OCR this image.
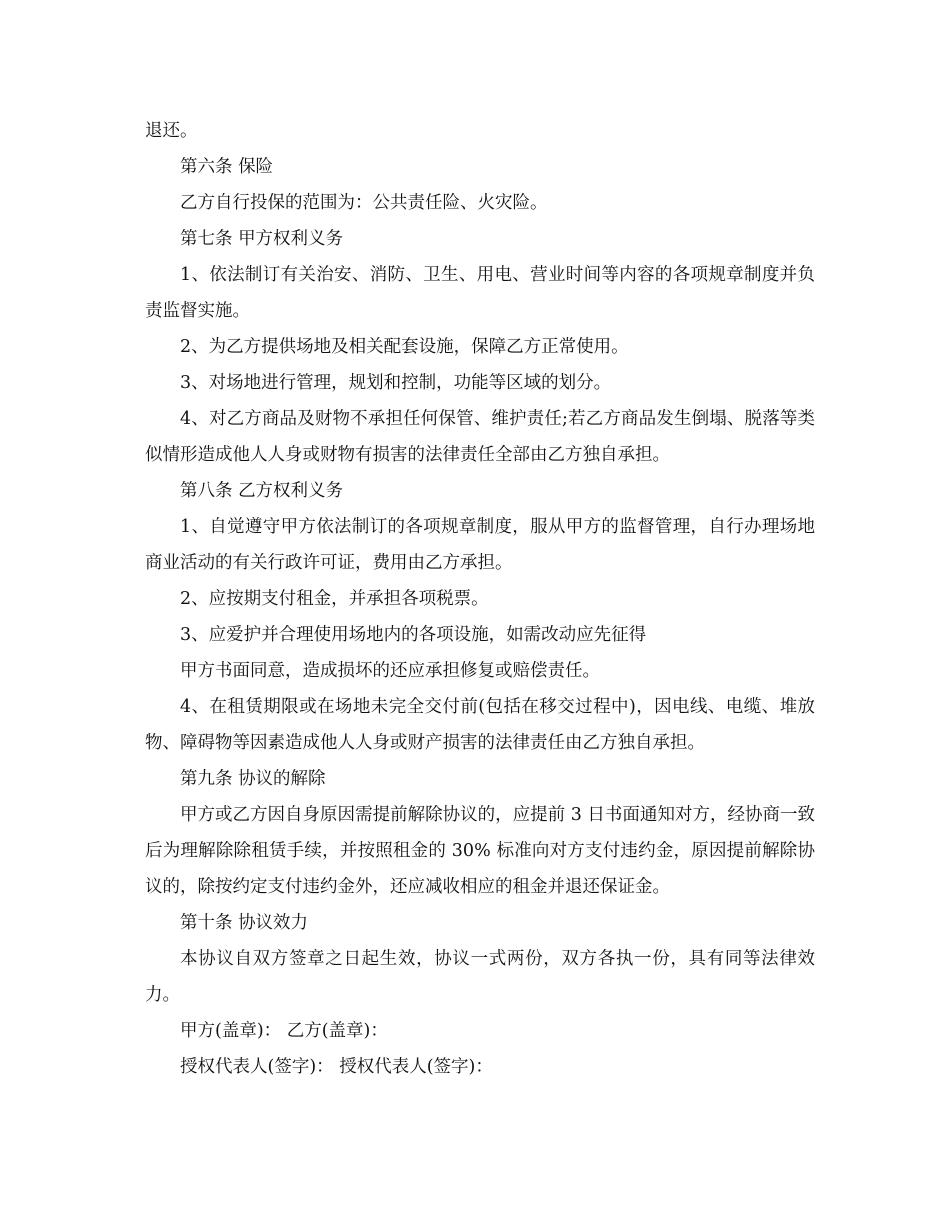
退还。

第六条 保险

乙方自行投保的范围为：公共责任险、火灾险。

第七条 甲方权利义务

1、依法制订有关治安、消防、卫生、用电、营业时间等内容的各项规章制度并负责监督实施。

2、为乙方提供场地及相关配套设施，保障乙方正常使用。

3、对场地进行管理，规划和控制，功能等区域的划分。

4、对乙方商品及财物不承担任何保管、维护责任;若乙方商品发生倒塌、脱落等类似情形造成他人人身或财物有损害的法律责任全部由乙方独自承担。

第八条 乙方权利义务

1、自觉遵守甲方依法制订的各项规章制度，服从甲方的监督管理，自行办理场地商业活动的有关行政许可证，费用由乙方承担。

2、应按期支付租金，并承担各项税票。

3、应爱护并合理使用场地内的各项设施，如需改动应先征得

甲方书面同意，造成损坏的还应承担修复或赔偿责任。

4、在租赁期限或在场地未完全交付前(包括在移交过程中)，因电线、电缆、堆放物、障碍物等因素造成他人人身或财产损害的法律责任由乙方独自承担。

第九条 协议的解除

甲方或乙方因自身原因需提前解除协议的，应提前 3 日书面通知对方，经协商一致后为理解除除租赁手续，并按照租金的 30% 标准向对方支付违约金，原因提前解除协议的，除按约定支付违约金外，还应减收相应的租金并退还保证金。

第十条 协议效力

本协议自双方签章之日起生效，协议一式两份，双方各执一份，具有同等法律效力。

甲方(盖章)： 乙方(盖章)：

授权代表人(签字)： 授权代表人(签字)：
